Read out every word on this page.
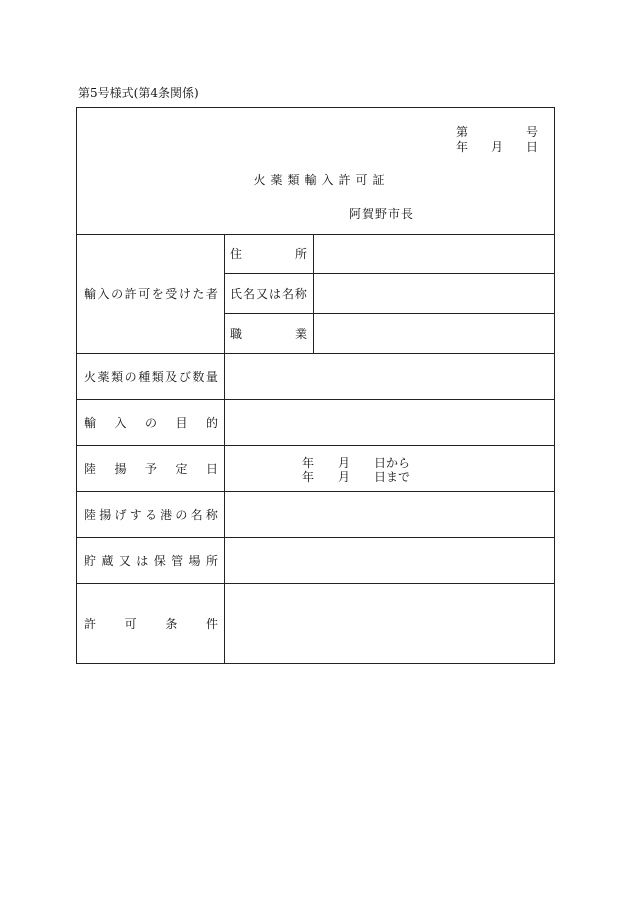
第5号様式(第4条関係)
第	号
年 月 日
火薬類輸入許可証
阿賀野市長
輸 入 の 許 可 を 受 け た 者
住	所
氏 名 又 は 名 称
職	業
火 薬 類 の 種 類 及 び 数 量
輸 入 の 目 的
陸 揚 予 定 日	年	月	日から
年	月	日まで
陸 揚 げ す る 港 の 名 称
貯 蔵 又 は 保 管 場 所
許 可 条 件
